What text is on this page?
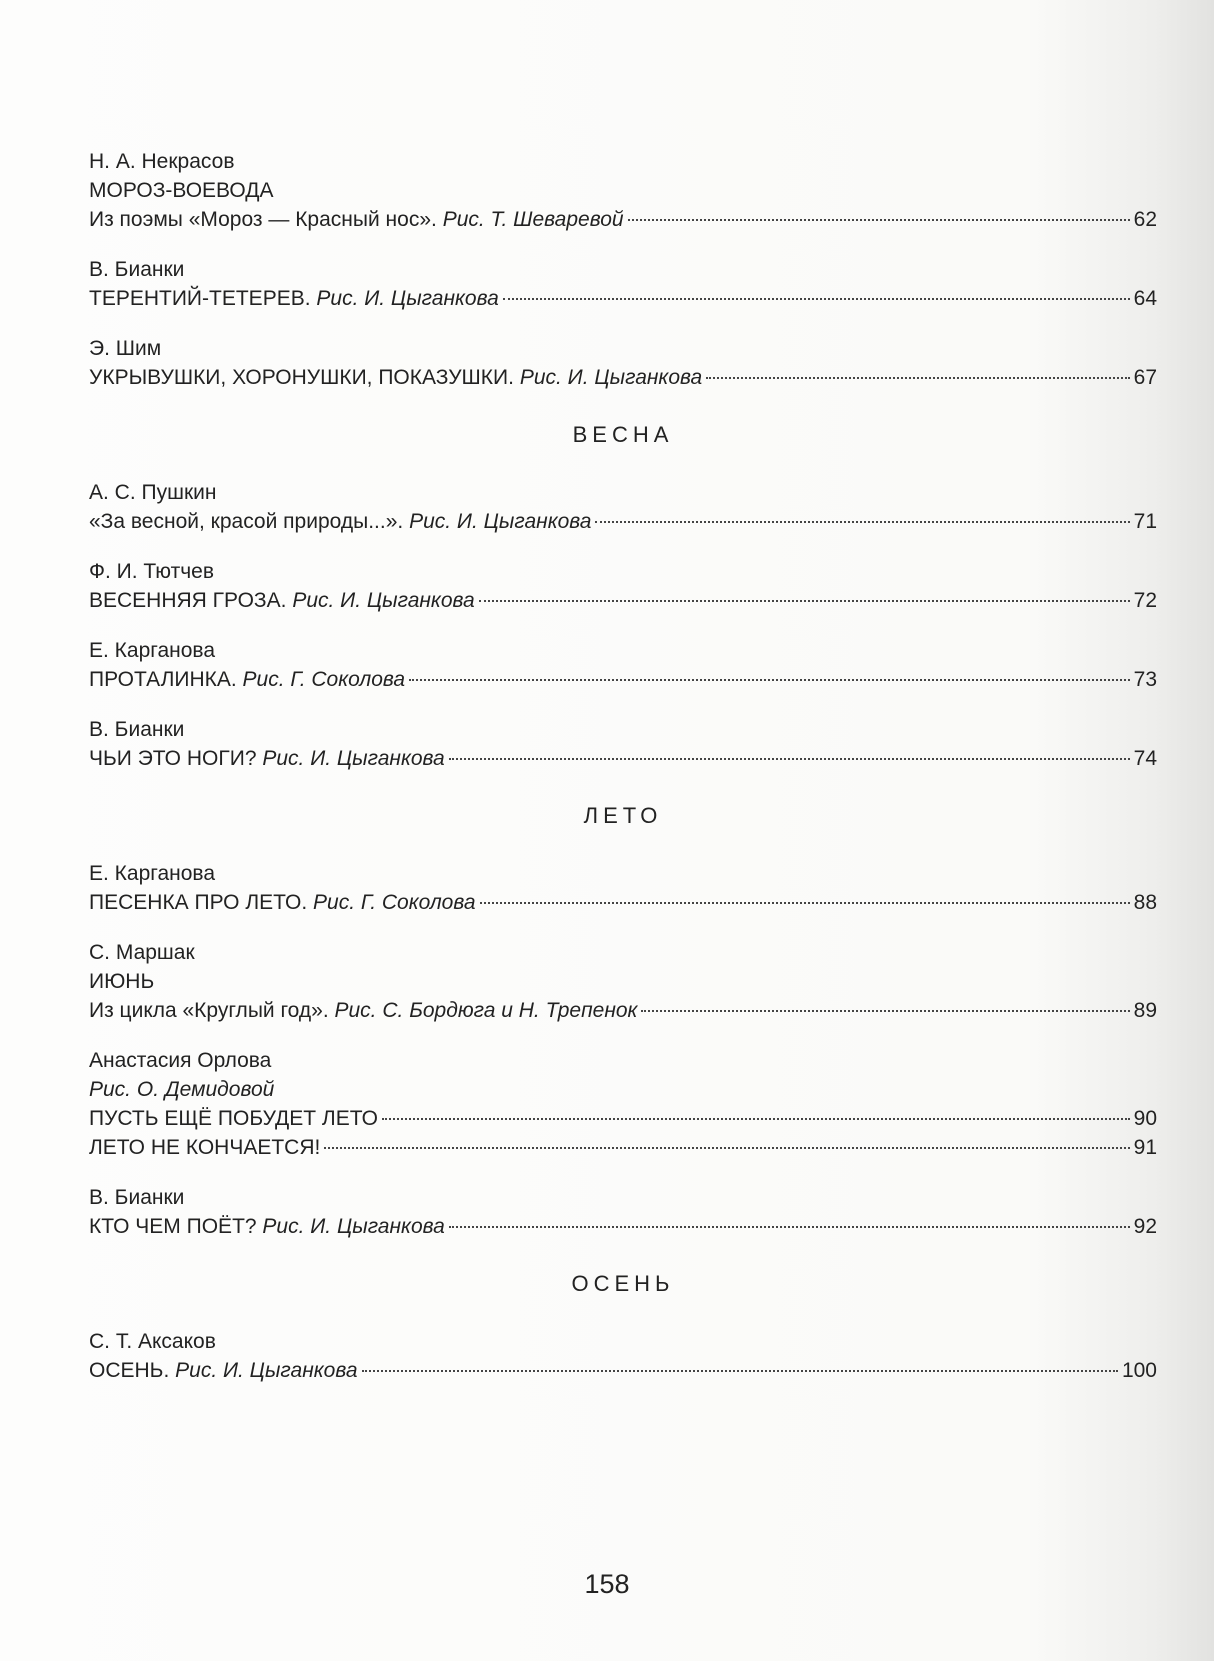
Н. А. Некрасов
МОРОЗ-ВОЕВОДА
Из поэмы «Мороз — Красный нос». Рис. Т. Шеваревой	62
В. Бианки
ТЕРЕНТИЙ-ТЕТЕРЕВ. Рис. И. Цыганкова	64
Э. Шим
УКРЫВУШКИ, ХОРОНУШКИ, ПОКАЗУШКИ. Рис. И. Цыганкова	67
ВЕСНА
А. С. Пушкин
«За весной, красой природы...». Рис. И. Цыганкова	71
Ф. И. Тютчев
ВЕСЕННЯЯ ГРОЗА. Рис. И. Цыганкова	72
Е. Карганова
ПРОТАЛИНКА. Рис. Г. Соколова	73
В. Бианки
ЧЬИ ЭТО НОГИ? Рис. И. Цыганкова	74
ЛЕТО
Е. Карганова
ПЕСЕНКА ПРО ЛЕТО. Рис. Г. Соколова	88
С. Маршак
ИЮНЬ
Из цикла «Круглый год». Рис. С. Бордюга и Н. Трепенок	89
Анастасия Орлова
Рис. О. Демидовой
ПУСТЬ ЕЩЁ ПОБУДЕТ ЛЕТО	90
ЛЕТО НЕ КОНЧАЕТСЯ!	91
В. Бианки
КТО ЧЕМ ПОЁТ? Рис. И. Цыганкова	92
ОСЕНЬ
С. Т. Аксаков
ОСЕНЬ. Рис. И. Цыганкова	100
158
